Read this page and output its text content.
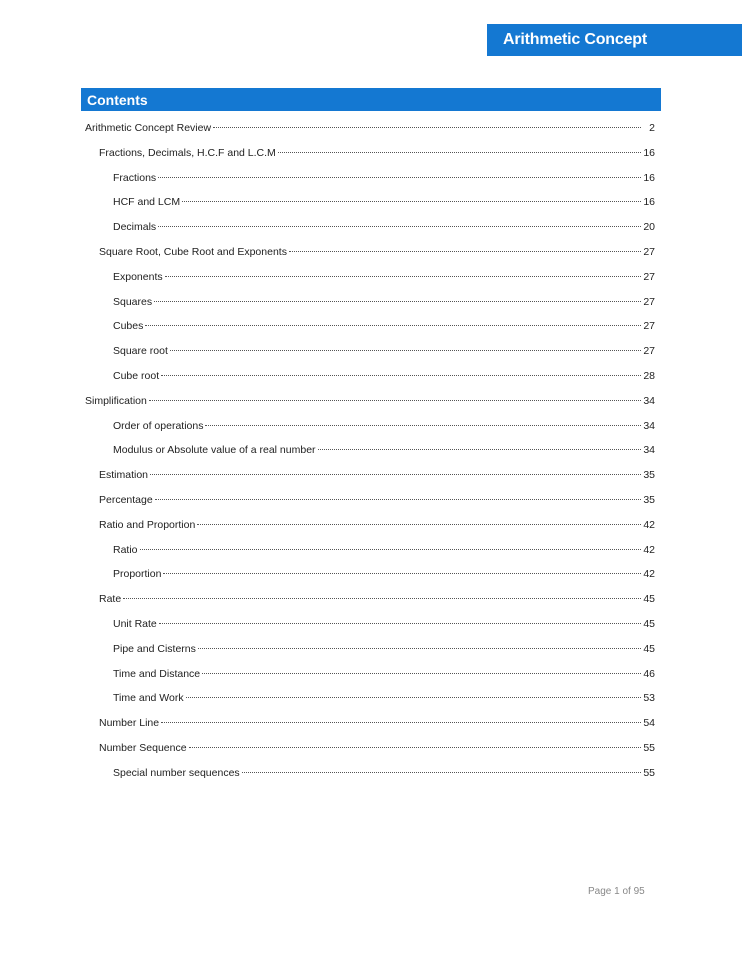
Arithmetic Concept
Contents
Arithmetic Concept Review	2
Fractions, Decimals, H.C.F and L.C.M	16
Fractions	16
HCF and LCM	16
Decimals	20
Square Root, Cube Root and Exponents	27
Exponents	27
Squares	27
Cubes	27
Square root	27
Cube root	28
Simplification	34
Order of operations	34
Modulus or Absolute value of a real number	34
Estimation	35
Percentage	35
Ratio and Proportion	42
Ratio	42
Proportion	42
Rate	45
Unit Rate	45
Pipe and Cisterns	45
Time and Distance	46
Time and Work	53
Number Line	54
Number Sequence	55
Special number sequences	55
Page 1 of 95
